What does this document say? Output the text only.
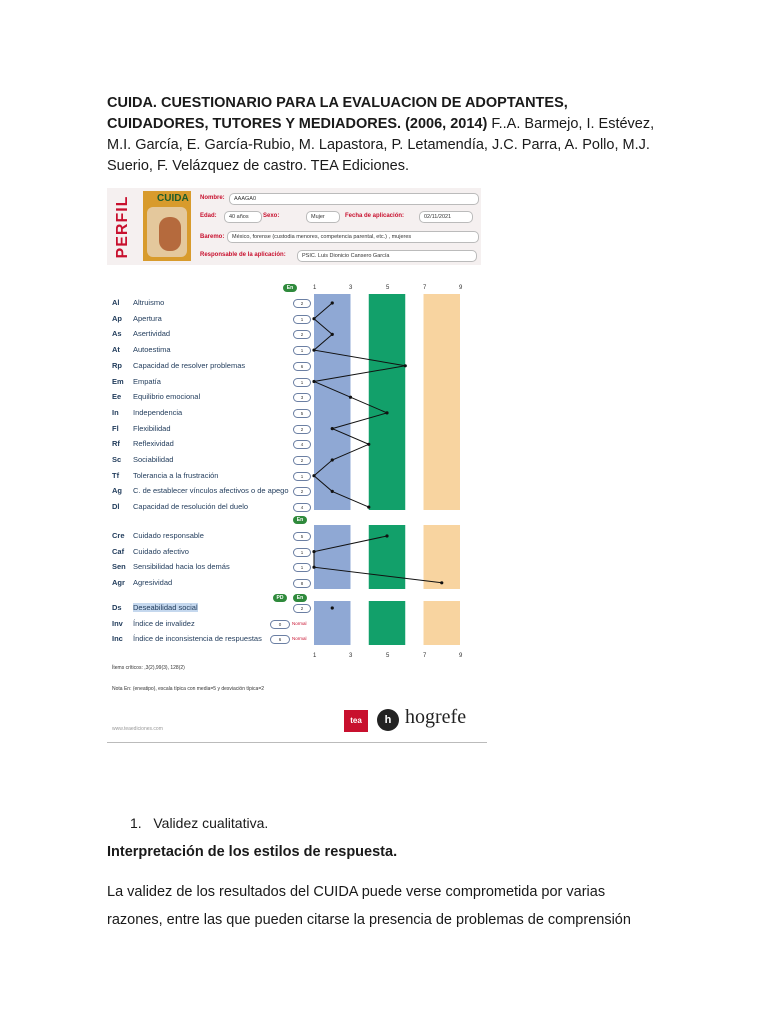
CUIDA. CUESTIONARIO PARA LA EVALUACION DE ADOPTANTES, CUIDADORES, TUTORES Y MEDIADORES. (2006, 2014) F..A. Barmejo, I. Estévez, M.I. García, E. García-Rubio, M. Lapastora, P. Letamendía, J.C. Parra, A. Pollo, M.J. Suerio, F. Velázquez de castro. TEA Ediciones.
PERFIL	CUIDA Nombre:	AAAGA0
Edad:	40 años	Sexo:	Mujer	Fecha de aplicación:	02/11/2021
Baremo:	México, forense (custodia menores, competencia parental, etc.) , mujeres
Responsable de la aplicación:	PSIC. Luis Dionicio Cansero García
En
En
PD	En
Al Altruismo	2
Ap Apertura	1
As Asertividad	2
At Autoestima	1
Rp Capacidad de resolver problemas	6
Em Empatía	1
Ee Equilibrio emocional	3
In Independencia	5
Fl Flexibilidad	2
Rf Reflexividad	4
Sc Sociabilidad	2
Tf Tolerancia a la frustración	1
Ag C. de establecer vínculos afectivos o de apego	2
Dl Capacidad de resolución del duelo	4
Cre Cuidado responsable	5
Caf Cuidado afectivo	1
Sen Sensibilidad hacia los demás	1
Agr Agresividad	8
Ds Deseabilidad social	2
Inv Índice de invalidez	0	Normal
Inc Índice de inconsistencia de respuestas	6	Normal
1	3	5	7	9
1	3	5	7	9
Ítems críticos: ,3(2),99(3), 128(2)
Nota En: (eneatipo), escala típica con media=5 y desviación típica=2
www.teaediciones.com
tea	h hogrefe
1. Validez cualitativa.
Interpretación de los estilos de respuesta.
La validez de los resultados del CUIDA puede verse comprometida por varias razones, entre las que pueden citarse la presencia de problemas de comprensión
